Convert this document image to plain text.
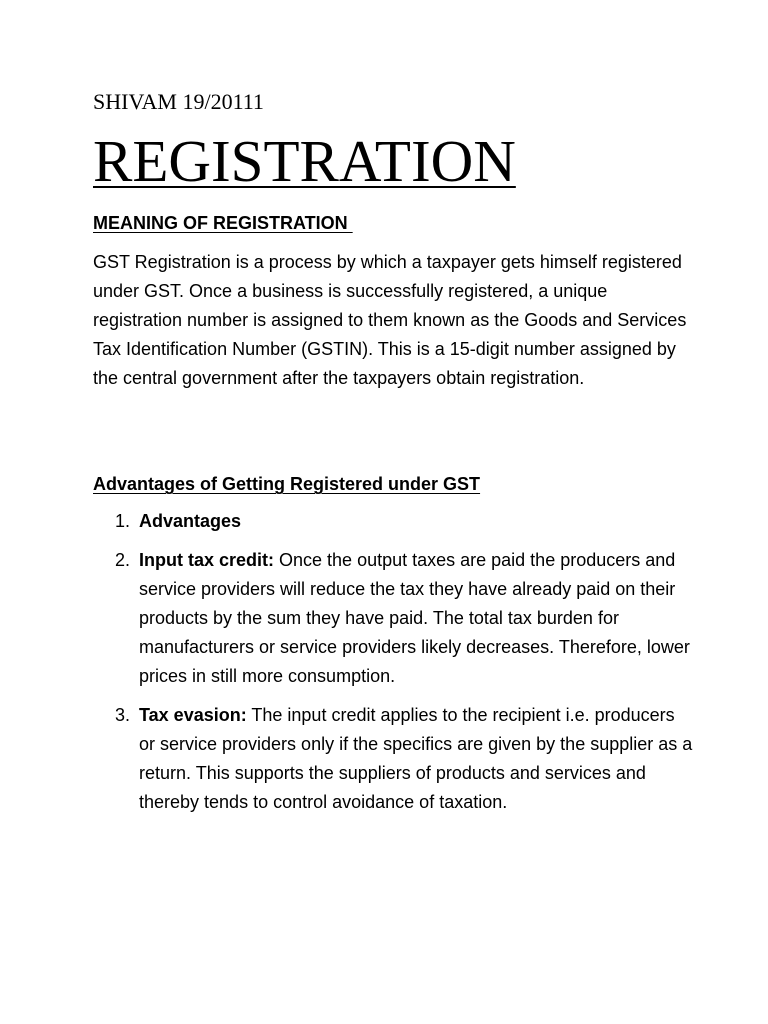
SHIVAM 19/20111
REGISTRATION
MEANING OF REGISTRATION

GST Registration is a process by which a taxpayer gets himself registered under GST. Once a business is successfully registered, a unique registration number is assigned to them known as the Goods and Services Tax Identification Number (GSTIN). This is a 15-digit number assigned by the central government after the taxpayers obtain registration.

Advantages of Getting Registered under GST
1. Advantages
2. Input tax credit: Once the output taxes are paid the producers and service providers will reduce the tax they have already paid on their products by the sum they have paid. The total tax burden for manufacturers or service providers likely decreases. Therefore, lower prices in still more consumption.
3. Tax evasion: The input credit applies to the recipient i.e. producers or service providers only if the specifics are given by the supplier as a return. This supports the suppliers of products and services and thereby tends to control avoidance of taxation.
